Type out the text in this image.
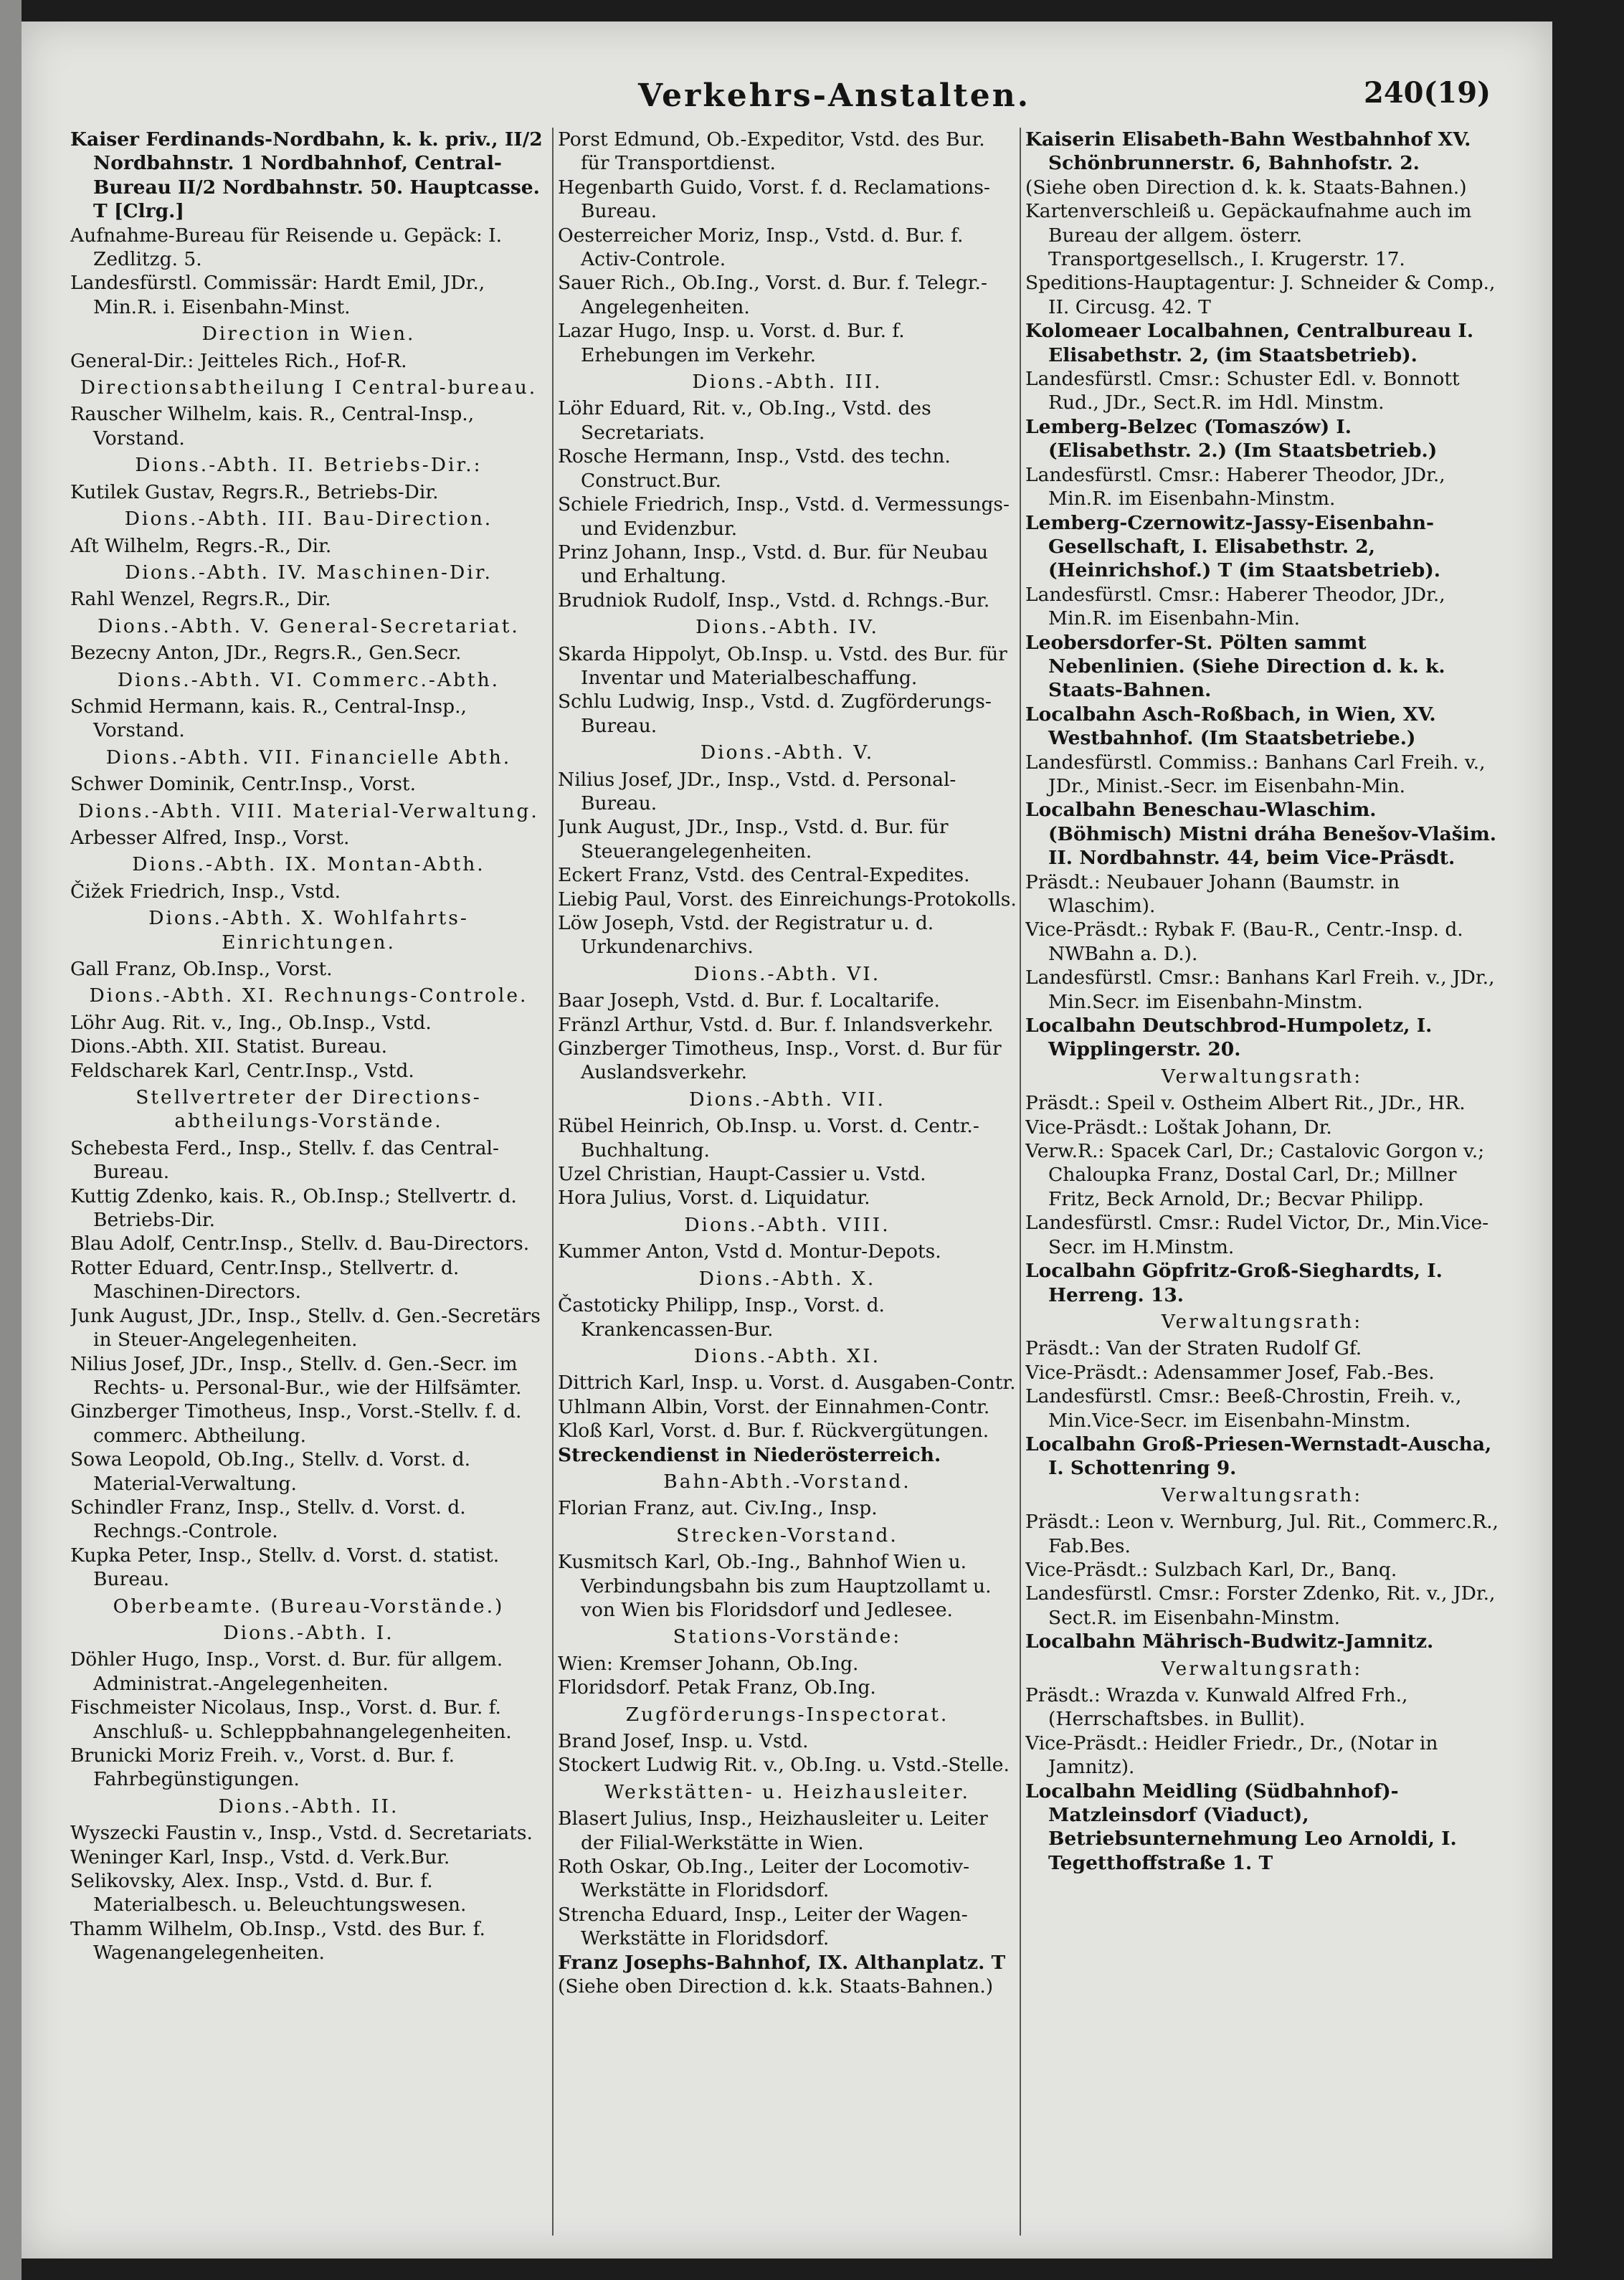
Verkehrs-Anstalten.	240(19)
Kaiser Ferdinands-Nordbahn, k. k. priv., II/2 Nordbahnstr. 1 Nordbahnhof, Central-Bureau II/2 Nordbahnstr. 50. Hauptcasse. T [Clrg.]
Aufnahme-Bureau für Reisende u. Gepäck: I. Zedlitzg. 5.
Landesfürstl. Commissär: Hardt Emil, JDr., Min.R. i. Eisenbahn-Minst.
Direction in Wien.
General-Dir.: Jeitteles Rich., Hof-R.
Directionsabtheilung I Central-bureau.
Rauscher Wilhelm, kais. R., Central-Insp., Vorstand.
Dions.-Abth. II. Betriebs-Dir.:
Kutilek Gustav, Regrs.R., Betriebs-Dir.
Dions.-Abth. III. Bau-Direction.
Aſt Wilhelm, Regrs.-R., Dir.
Dions.-Abth. IV. Maschinen-Dir.
Rahl Wenzel, Regrs.R., Dir.
Dions.-Abth. V. General-Secretariat.
Bezecny Anton, JDr., Regrs.R., Gen.Secr.
Dions.-Abth. VI. Commerc.-Abth.
Schmid Hermann, kais. R., Central-Insp., Vorstand.
Dions.-Abth. VII. Financielle Abth.
Schwer Dominik, Centr.Insp., Vorst.
Dions.-Abth. VIII. Material-Verwaltung.
Arbesser Alfred, Insp., Vorst.
Dions.-Abth. IX. Montan-Abth.
Čižek Friedrich, Insp., Vstd.
Dions.-Abth. X. Wohlfahrts-Einrichtungen.
Gall Franz, Ob.Insp., Vorst.
Dions.-Abth. XI. Rechnungs-Controle.
Löhr Aug. Rit. v., Ing., Ob.Insp., Vstd.
Dions.-Abth. XII. Statist. Bureau.
Feldscharek Karl, Centr.Insp., Vstd.
Stellvertreter der Directions-abtheilungs-Vorstände.
Schebesta Ferd., Insp., Stellv. f. das Central-Bureau.
Kuttig Zdenko, kais. R., Ob.Insp.; Stellvertr. d. Betriebs-Dir.
Blau Adolf, Centr.Insp., Stellv. d. Bau-Directors.
Rotter Eduard, Centr.Insp., Stellvertr. d. Maschinen-Directors.
Junk August, JDr., Insp., Stellv. d. Gen.-Secretärs in Steuer-Angelegenheiten.
Nilius Josef, JDr., Insp., Stellv. d. Gen.-Secr. im Rechts- u. Personal-Bur., wie der Hilfsämter.
Ginzberger Timotheus, Insp., Vorst.-Stellv. f. d. commerc. Abtheilung.
Sowa Leopold, Ob.Ing., Stellv. d. Vorst. d. Material-Verwaltung.
Schindler Franz, Insp., Stellv. d. Vorst. d. Rechngs.-Controle.
Kupka Peter, Insp., Stellv. d. Vorst. d. statist. Bureau.
Oberbeamte. (Bureau-Vorstände.)
Dions.-Abth. I.
Döhler Hugo, Insp., Vorst. d. Bur. für allgem. Administrat.-Angelegenheiten.
Fischmeister Nicolaus, Insp., Vorst. d. Bur. f. Anschluß- u. Schleppbahnangelegenheiten.
Brunicki Moriz Freih. v., Vorst. d. Bur. f. Fahrbegünstigungen.
Dions.-Abth. II.
Wyszecki Faustin v., Insp., Vstd. d. Secretariats.
Weninger Karl, Insp., Vstd. d. Verk.Bur.
Selikovsky, Alex. Insp., Vstd. d. Bur. f. Materialbesch. u. Beleuchtungswesen.
Thamm Wilhelm, Ob.Insp., Vstd. des Bur. f. Wagenangelegenheiten.
Porst Edmund, Ob.-Expeditor, Vstd. des Bur. für Transportdienst.
Hegenbarth Guido, Vorst. f. d. Reclamations-Bureau.
Oesterreicher Moriz, Insp., Vstd. d. Bur. f. Activ-Controle.
Sauer Rich., Ob.Ing., Vorst. d. Bur. f. Telegr.-Angelegenheiten.
Lazar Hugo, Insp. u. Vorst. d. Bur. f. Erhebungen im Verkehr.
Dions.-Abth. III.
Löhr Eduard, Rit. v., Ob.Ing., Vstd. des Secretariats.
Rosche Hermann, Insp., Vstd. des techn. Construct.Bur.
Schiele Friedrich, Insp., Vstd. d. Vermessungs- und Evidenzbur.
Prinz Johann, Insp., Vstd. d. Bur. für Neubau und Erhaltung.
Brudniok Rudolf, Insp., Vstd. d. Rchngs.-Bur.
Dions.-Abth. IV.
Skarda Hippolyt, Ob.Insp. u. Vstd. des Bur. für Inventar und Materialbeschaffung.
Schlu Ludwig, Insp., Vstd. d. Zugförderungs-Bureau.
Dions.-Abth. V.
Nilius Josef, JDr., Insp., Vstd. d. Personal-Bureau.
Junk August, JDr., Insp., Vstd. d. Bur. für Steuerangelegenheiten.
Eckert Franz, Vstd. des Central-Expedites.
Liebig Paul, Vorst. des Einreichungs-Protokolls.
Löw Joseph, Vstd. der Registratur u. d. Urkundenarchivs.
Dions.-Abth. VI.
Baar Joseph, Vstd. d. Bur. f. Localtarife.
Fränzl Arthur, Vstd. d. Bur. f. Inlandsverkehr.
Ginzberger Timotheus, Insp., Vorst. d. Bur für Auslandsverkehr.
Dions.-Abth. VII.
Rübel Heinrich, Ob.Insp. u. Vorst. d. Centr.-Buchhaltung.
Uzel Christian, Haupt-Cassier u. Vstd.
Hora Julius, Vorst. d. Liquidatur.
Dions.-Abth. VIII.
Kummer Anton, Vstd d. Montur-Depots.
Dions.-Abth. X.
Častoticky Philipp, Insp., Vorst. d. Krankencassen-Bur.
Dions.-Abth. XI.
Dittrich Karl, Insp. u. Vorst. d. Ausgaben-Contr.
Uhlmann Albin, Vorst. der Einnahmen-Contr.
Kloß Karl, Vorst. d. Bur. f. Rückvergütungen.
Streckendienst in Niederösterreich.
Bahn-Abth.-Vorstand.
Florian Franz, aut. Civ.Ing., Insp.
Strecken-Vorstand.
Kusmitsch Karl, Ob.-Ing., Bahnhof Wien u. Verbindungsbahn bis zum Hauptzollamt u. von Wien bis Floridsdorf und Jedlesee.
Stations-Vorstände:
Wien: Kremser Johann, Ob.Ing.
Floridsdorf. Petak Franz, Ob.Ing.
Zugförderungs-Inspectorat.
Brand Josef, Insp. u. Vstd.
Stockert Ludwig Rit. v., Ob.Ing. u. Vstd.-Stelle.
Werkstätten- u. Heizhausleiter.
Blasert Julius, Insp., Heizhausleiter u. Leiter der Filial-Werkstätte in Wien.
Roth Oskar, Ob.Ing., Leiter der Locomotiv-Werkstätte in Floridsdorf.
Strencha Eduard, Insp., Leiter der Wagen-Werkstätte in Floridsdorf.
Franz Josephs-Bahnhof, IX. Althanplatz. T
(Siehe oben Direction d. k.k. Staats-Bahnen.)
Kaiserin Elisabeth-Bahn Westbahnhof XV. Schönbrunnerstr. 6, Bahnhofstr. 2.
(Siehe oben Direction d. k. k. Staats-Bahnen.)
Kartenverschleiß u. Gepäckaufnahme auch im Bureau der allgem. österr. Transportgesellsch., I. Krugerstr. 17.
Speditions-Hauptagentur: J. Schneider & Comp., II. Circusg. 42. T
Kolomeaer Localbahnen, Centralbureau I. Elisabethstr. 2, (im Staatsbetrieb).
Landesfürstl. Cmsr.: Schuster Edl. v. Bonnott Rud., JDr., Sect.R. im Hdl. Minstm.
Lemberg-Belzec (Tomaszów) I. (Elisabethstr. 2.) (Im Staatsbetrieb.)
Landesfürstl. Cmsr.: Haberer Theodor, JDr., Min.R. im Eisenbahn-Minstm.
Lemberg-Czernowitz-Jassy-Eisenbahn-Gesellschaft, I. Elisabethstr. 2, (Heinrichshof.) T (im Staatsbetrieb).
Landesfürstl. Cmsr.: Haberer Theodor, JDr., Min.R. im Eisenbahn-Min.
Leobersdorfer-St. Pölten sammt Nebenlinien. (Siehe Direction d. k. k. Staats-Bahnen.
Localbahn Asch-Roßbach, in Wien, XV. Westbahnhof. (Im Staatsbetriebe.)
Landesfürstl. Commiss.: Banhans Carl Freih. v., JDr., Minist.-Secr. im Eisenbahn-Min.
Localbahn Beneschau-Wlaschim. (Böhmisch) Mistni dráha Benešov-Vlašim. II. Nordbahnstr. 44, beim Vice-Präsdt.
Präsdt.: Neubauer Johann (Baumstr. in Wlaschim).
Vice-Präsdt.: Rybak F. (Bau-R., Centr.-Insp. d. NWBahn a. D.).
Landesfürstl. Cmsr.: Banhans Karl Freih. v., JDr., Min.Secr. im Eisenbahn-Minstm.
Localbahn Deutschbrod-Humpoletz, I. Wipplingerstr. 20.
Verwaltungsrath:
Präsdt.: Speil v. Ostheim Albert Rit., JDr., HR.
Vice-Präsdt.: Loštak Johann, Dr.
Verw.R.: Spacek Carl, Dr.; Castalovic Gorgon v.; Chaloupka Franz, Dostal Carl, Dr.; Millner Fritz, Beck Arnold, Dr.; Becvar Philipp.
Landesfürstl. Cmsr.: Rudel Victor, Dr., Min.Vice-Secr. im H.Minstm.
Localbahn Göpfritz-Groß-Sieghardts, I. Herreng. 13.
Verwaltungsrath:
Präsdt.: Van der Straten Rudolf Gf.
Vice-Präsdt.: Adensammer Josef, Fab.-Bes.
Landesfürstl. Cmsr.: Beeß-Chrostin, Freih. v., Min.Vice-Secr. im Eisenbahn-Minstm.
Localbahn Groß-Priesen-Wernstadt-Auscha, I. Schottenring 9.
Verwaltungsrath:
Präsdt.: Leon v. Wernburg, Jul. Rit., Commerc.R., Fab.Bes.
Vice-Präsdt.: Sulzbach Karl, Dr., Banq.
Landesfürstl. Cmsr.: Forster Zdenko, Rit. v., JDr., Sect.R. im Eisenbahn-Minstm.
Localbahn Mährisch-Budwitz-Jamnitz.
Verwaltungsrath:
Präsdt.: Wrazda v. Kunwald Alfred Frh., (Herrschaftsbes. in Bullit).
Vice-Präsdt.: Heidler Friedr., Dr., (Notar in Jamnitz).
Localbahn Meidling (Südbahnhof)-Matzleinsdorf (Viaduct), Betriebsunternehmung Leo Arnoldi, I. Tegetthoffstraße 1. T
